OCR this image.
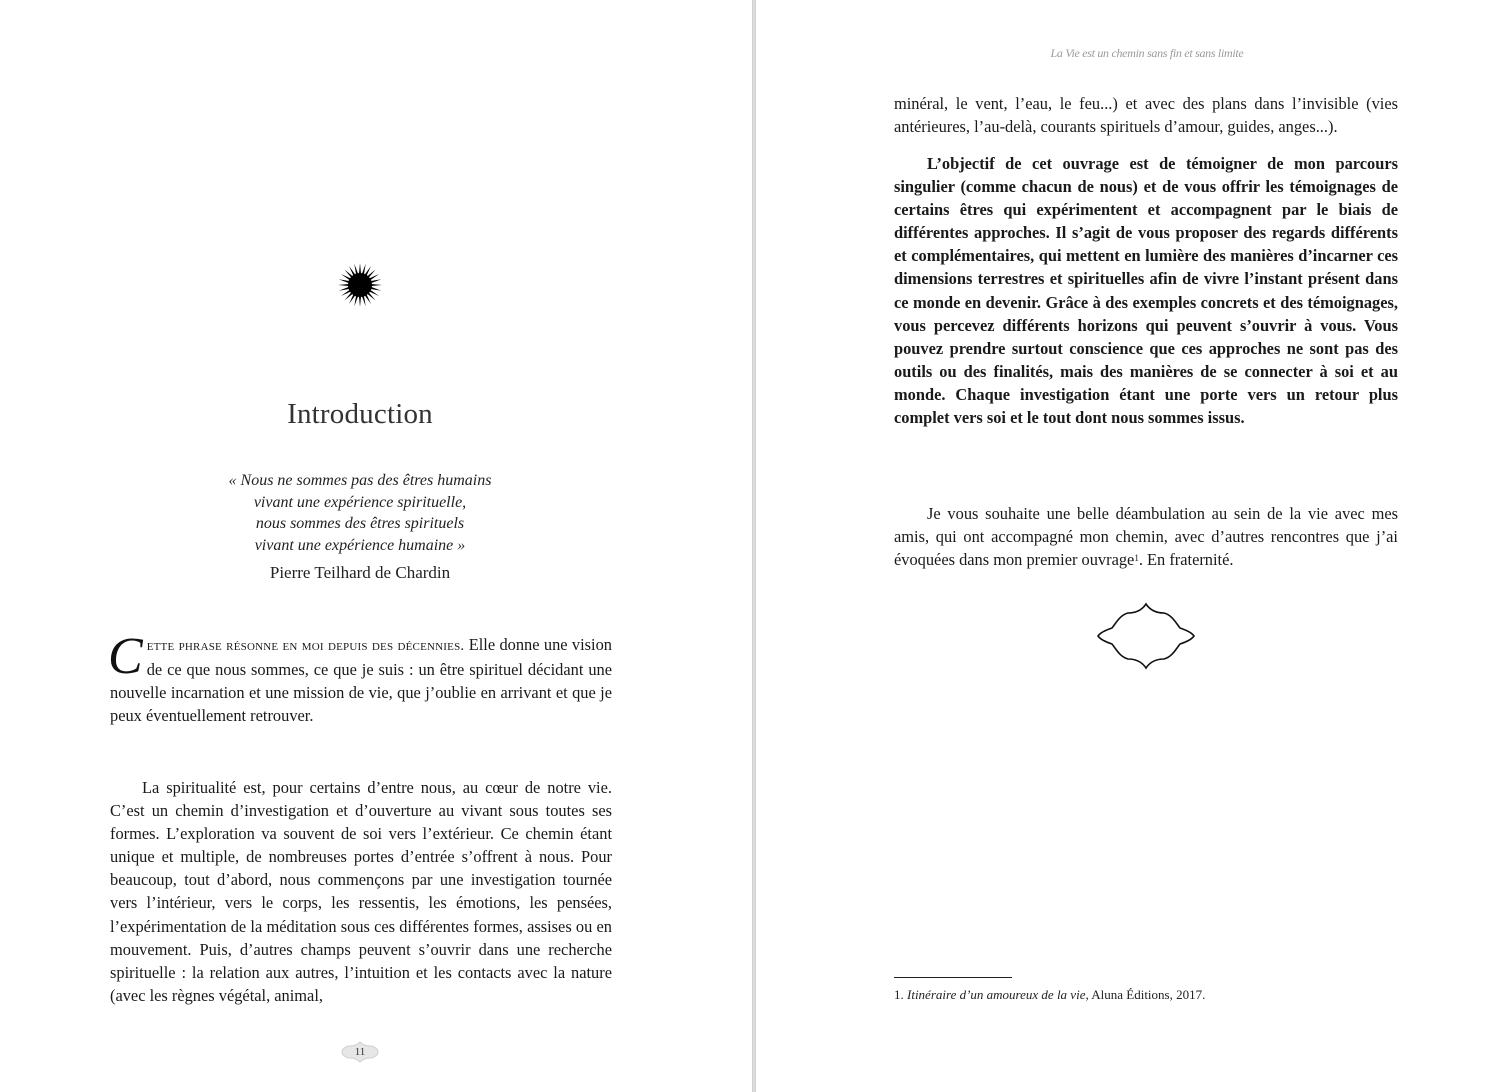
Introduction
« Nous ne sommes pas des êtres humains
vivant une expérience spirituelle,
nous sommes des êtres spirituels
vivant une expérience humaine »
Pierre Teilhard de Chardin

Cette phrase résonne en moi depuis des décennies. Elle donne une vision de ce que nous sommes, ce que je suis : un être spirituel décidant une nouvelle incarnation et une mission de vie, que j’oublie en arrivant et que je peux éventuellement retrouver.

La spiritualité est, pour certains d’entre nous, au cœur de notre vie. C’est un chemin d’investigation et d’ouverture au vivant sous toutes ses formes. L’exploration va souvent de soi vers l’extérieur. Ce chemin étant unique et multiple, de nombreuses portes d’entrée s’offrent à nous. Pour beaucoup, tout d’abord, nous commençons par une investigation tournée vers l’intérieur, vers le corps, les ressentis, les émotions, les pensées, l’expérimentation de la méditation sous ces différentes formes, assises ou en mouvement. Puis, d’autres champs peuvent s’ouvrir dans une recherche spirituelle : la relation aux autres, l’intuition et les contacts avec la nature (avec les règnes végétal, animal,

11
La Vie est un chemin sans fin et sans limite

minéral, le vent, l’eau, le feu...) et avec des plans dans l’invisible (vies antérieures, l’au-delà, courants spirituels d’amour, guides, anges...).

L’objectif de cet ouvrage est de témoigner de mon parcours singulier (comme chacun de nous) et de vous offrir les témoignages de certains êtres qui expérimentent et accompagnent par le biais de différentes approches. Il s’agit de vous proposer des regards différents et complémentaires, qui mettent en lumière des manières d’incarner ces dimensions terrestres et spirituelles afin de vivre l’instant présent dans ce monde en devenir. Grâce à des exemples concrets et des témoignages, vous percevez différents horizons qui peuvent s’ouvrir à vous. Vous pouvez prendre surtout conscience que ces approches ne sont pas des outils ou des finalités, mais des manières de se connecter à soi et au monde. Chaque investigation étant une porte vers un retour plus complet vers soi et le tout dont nous sommes issus.

Je vous souhaite une belle déambulation au sein de la vie avec mes amis, qui ont accompagné mon chemin, avec d’autres rencontres que j’ai évoquées dans mon premier ouvrage$^1$. En fraternité.

1. Itinéraire d’un amoureux de la vie, Aluna Éditions, 2017.
